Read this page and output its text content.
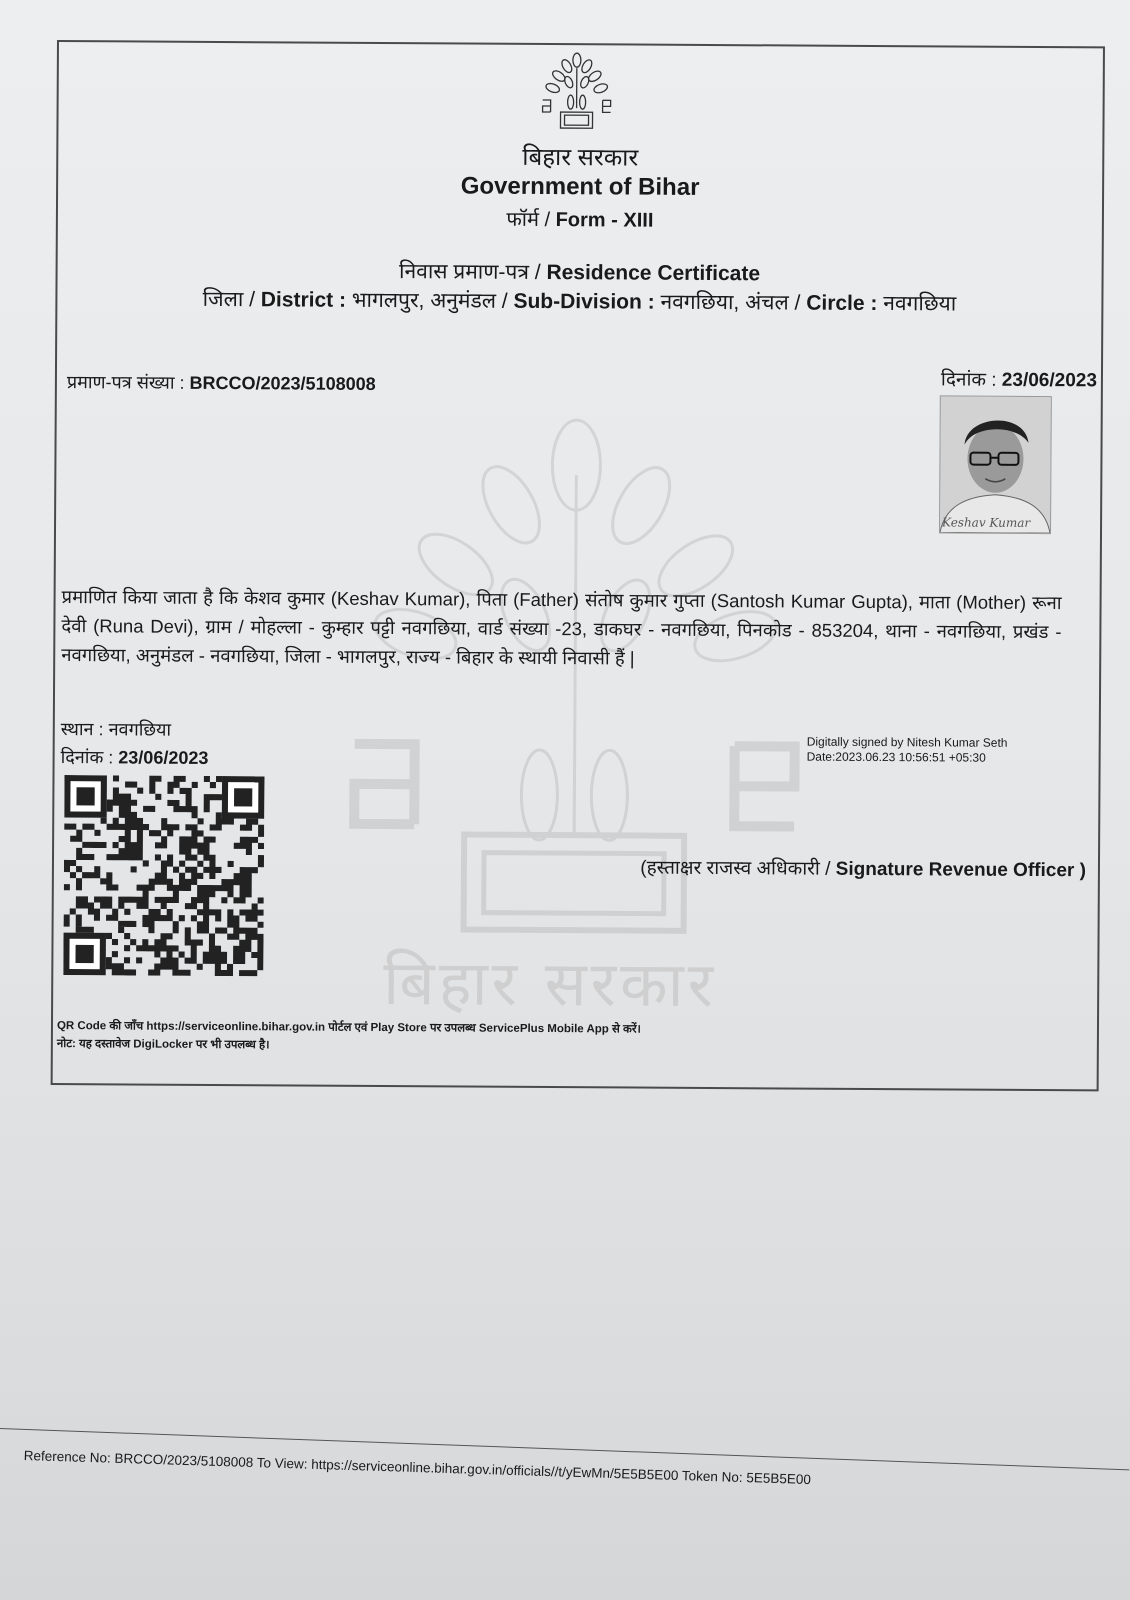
बिहार सरकार
बिहार सरकार
Government of Bihar
फॉर्म / Form - XIII
निवास प्रमाण-पत्र / Residence Certificate
जिला / District : भागलपुर, अनुमंडल / Sub-Division : नवगछिया, अंचल / Circle : नवगछिया
प्रमाण-पत्र संख्या : BRCCO/2023/5108008	दिनांक : 23/06/2023
Keshav Kumar
प्रमाणित किया जाता है कि केशव कुमार (Keshav Kumar), पिता (Father) संतोष कुमार गुप्ता (Santosh Kumar Gupta), माता (Mother) रूना देवी (Runa Devi), ग्राम / मोहल्ला - कुम्हार पट्टी नवगछिया, वार्ड संख्या -23, डाकघर - नवगछिया, पिनकोड - 853204, थाना - नवगछिया, प्रखंड - नवगछिया, अनुमंडल - नवगछिया, जिला - भागलपुर, राज्य - बिहार के स्थायी निवासी हैं |
स्थान : नवगछिया
दिनांक : 23/06/2023
Digitally signed by Nitesh Kumar Seth
Date:2023.06.23 10:56:51 +05:30
(हस्ताक्षर राजस्व अधिकारी / Signature Revenue Officer )
QR Code की जाँच https://serviceonline.bihar.gov.in पोर्टल एवं Play Store पर उपलब्ध ServicePlus Mobile App से करें।
नोट: यह दस्तावेज DigiLocker पर भी उपलब्ध है।
Reference No: BRCCO/2023/5108008 To View: https://serviceonline.bihar.gov.in/officials//t/yEwMn/5E5B5E00 Token No: 5E5B5E00
